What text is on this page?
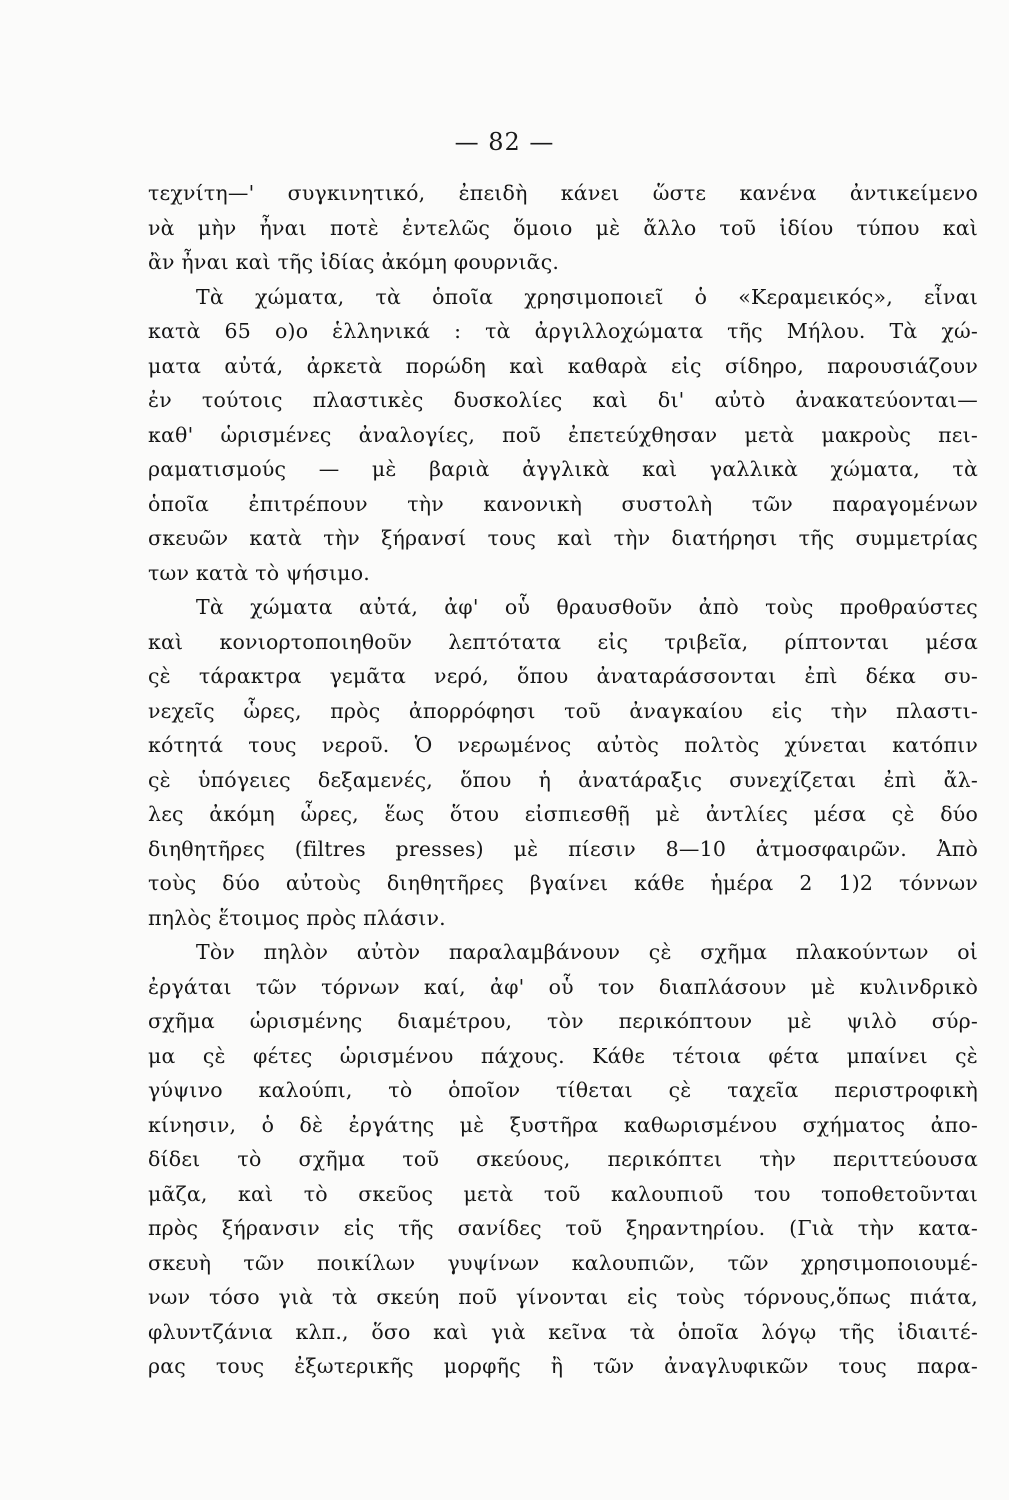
— 82 —
τεχνίτη—' συγκινητικό, ἐπειδὴ κάνει ὥστε κανένα ἀντικείμενο
νὰ μὴν ἦναι ποτὲ ἐντελῶς ὅμοιο μὲ ἄλλο τοῦ ἰδίου τύπου καὶ
ἂν ἦναι καὶ τῆς ἰδίας ἀκόμη φουρνιᾶς.
Τὰ χώματα, τὰ ὁποῖα χρησιμοποιεῖ ὁ «Κεραμεικός», εἶναι
κατὰ 65 ο)ο ἑλληνικά : τὰ ἀργιλλοχώματα τῆς Μήλου. Τὰ χώ-
ματα αὐτά, ἀρκετὰ πορώδη καὶ καθαρὰ εἰς σίδηρο, παρουσιάζουν
ἐν τούτοις πλαστικὲς δυσκολίες καὶ δι' αὐτὸ ἀνακατεύονται—
καθ' ὡρισμένες ἀναλογίες, ποῦ ἐπετεύχθησαν μετὰ μακροὺς πει-
ραματισμούς — μὲ βαριὰ ἀγγλικὰ καὶ γαλλικὰ χώματα, τὰ
ὁποῖα ἐπιτρέπουν τὴν κανονικὴ συστολὴ τῶν παραγομένων
σκευῶν κατὰ τὴν ξήρανσί τους καὶ τὴν διατήρησι τῆς συμμετρίας
των κατὰ τὸ ψήσιμο.
Τὰ χώματα αὐτά, ἀφ' οὗ θραυσθοῦν ἀπὸ τοὺς προθραύστες
καὶ κονιορτοποιηθοῦν λεπτότατα εἰς τριβεῖα, ρίπτονται μέσα
ςὲ τάρακτρα γεμᾶτα νερό, ὅπου ἀναταράσσονται ἐπὶ δέκα συ-
νεχεῖς ὧρες, πρὸς ἀπορρόφησι τοῦ ἀναγκαίου εἰς τὴν πλαστι-
κότητά τους νεροῦ. Ὁ νερωμένος αὐτὸς πολτὸς χύνεται κατόπιν
ςὲ ὑπόγειες δεξαμενές, ὅπου ἡ ἀνατάραξις συνεχίζεται ἐπὶ ἄλ-
λες ἀκόμη ὧρες, ἕως ὅτου εἰσπιεσθῇ μὲ ἀντλίες μέσα ςὲ δύο
διηθητῆρες (filtres presses) μὲ πίεσιν 8—10 ἀτμοσφαιρῶν. Ἀπὸ
τοὺς δύο αὐτοὺς διηθητῆρες βγαίνει κάθε ἡμέρα 2 1)2 τόννων
πηλὸς ἕτοιμος πρὸς πλάσιν.
Τὸν πηλὸν αὐτὸν παραλαμβάνουν ςὲ σχῆμα πλακούντων οἱ
ἐργάται τῶν τόρνων καί, ἀφ' οὗ τον διαπλάσουν μὲ κυλινδρικὸ
σχῆμα ὡρισμένης διαμέτρου, τὸν περικόπτουν μὲ ψιλὸ σύρ-
μα ςὲ φέτες ὡρισμένου πάχους. Κάθε τέτοια φέτα μπαίνει ςὲ
γύψινο καλούπι, τὸ ὁποῖον τίθεται ςὲ ταχεῖα περιστροφικὴ
κίνησιν, ὁ δὲ ἐργάτης μὲ ξυστῆρα καθωρισμένου σχήματος ἀπο-
δίδει τὸ σχῆμα τοῦ σκεύους, περικόπτει τὴν περιττεύουσα
μᾶζα, καὶ τὸ σκεῦος μετὰ τοῦ καλουπιοῦ του τοποθετοῦνται
πρὸς ξήρανσιν εἰς τῆς σανίδες τοῦ ξηραντηρίου. (Γιὰ τὴν κατα-
σκευὴ τῶν ποικίλων γυψίνων καλουπιῶν, τῶν χρησιμοποιουμέ-
νων τόσο γιὰ τὰ σκεύη ποῦ γίνονται εἰς τοὺς τόρνους,ὅπως πιάτα,
φλυντζάνια κλπ., ὅσο καὶ γιὰ κεῖνα τὰ ὁποῖα λόγῳ τῆς ἰδιαιτέ-
ρας τους ἐξωτερικῆς μορφῆς ἢ τῶν ἀναγλυφικῶν τους παρα-
